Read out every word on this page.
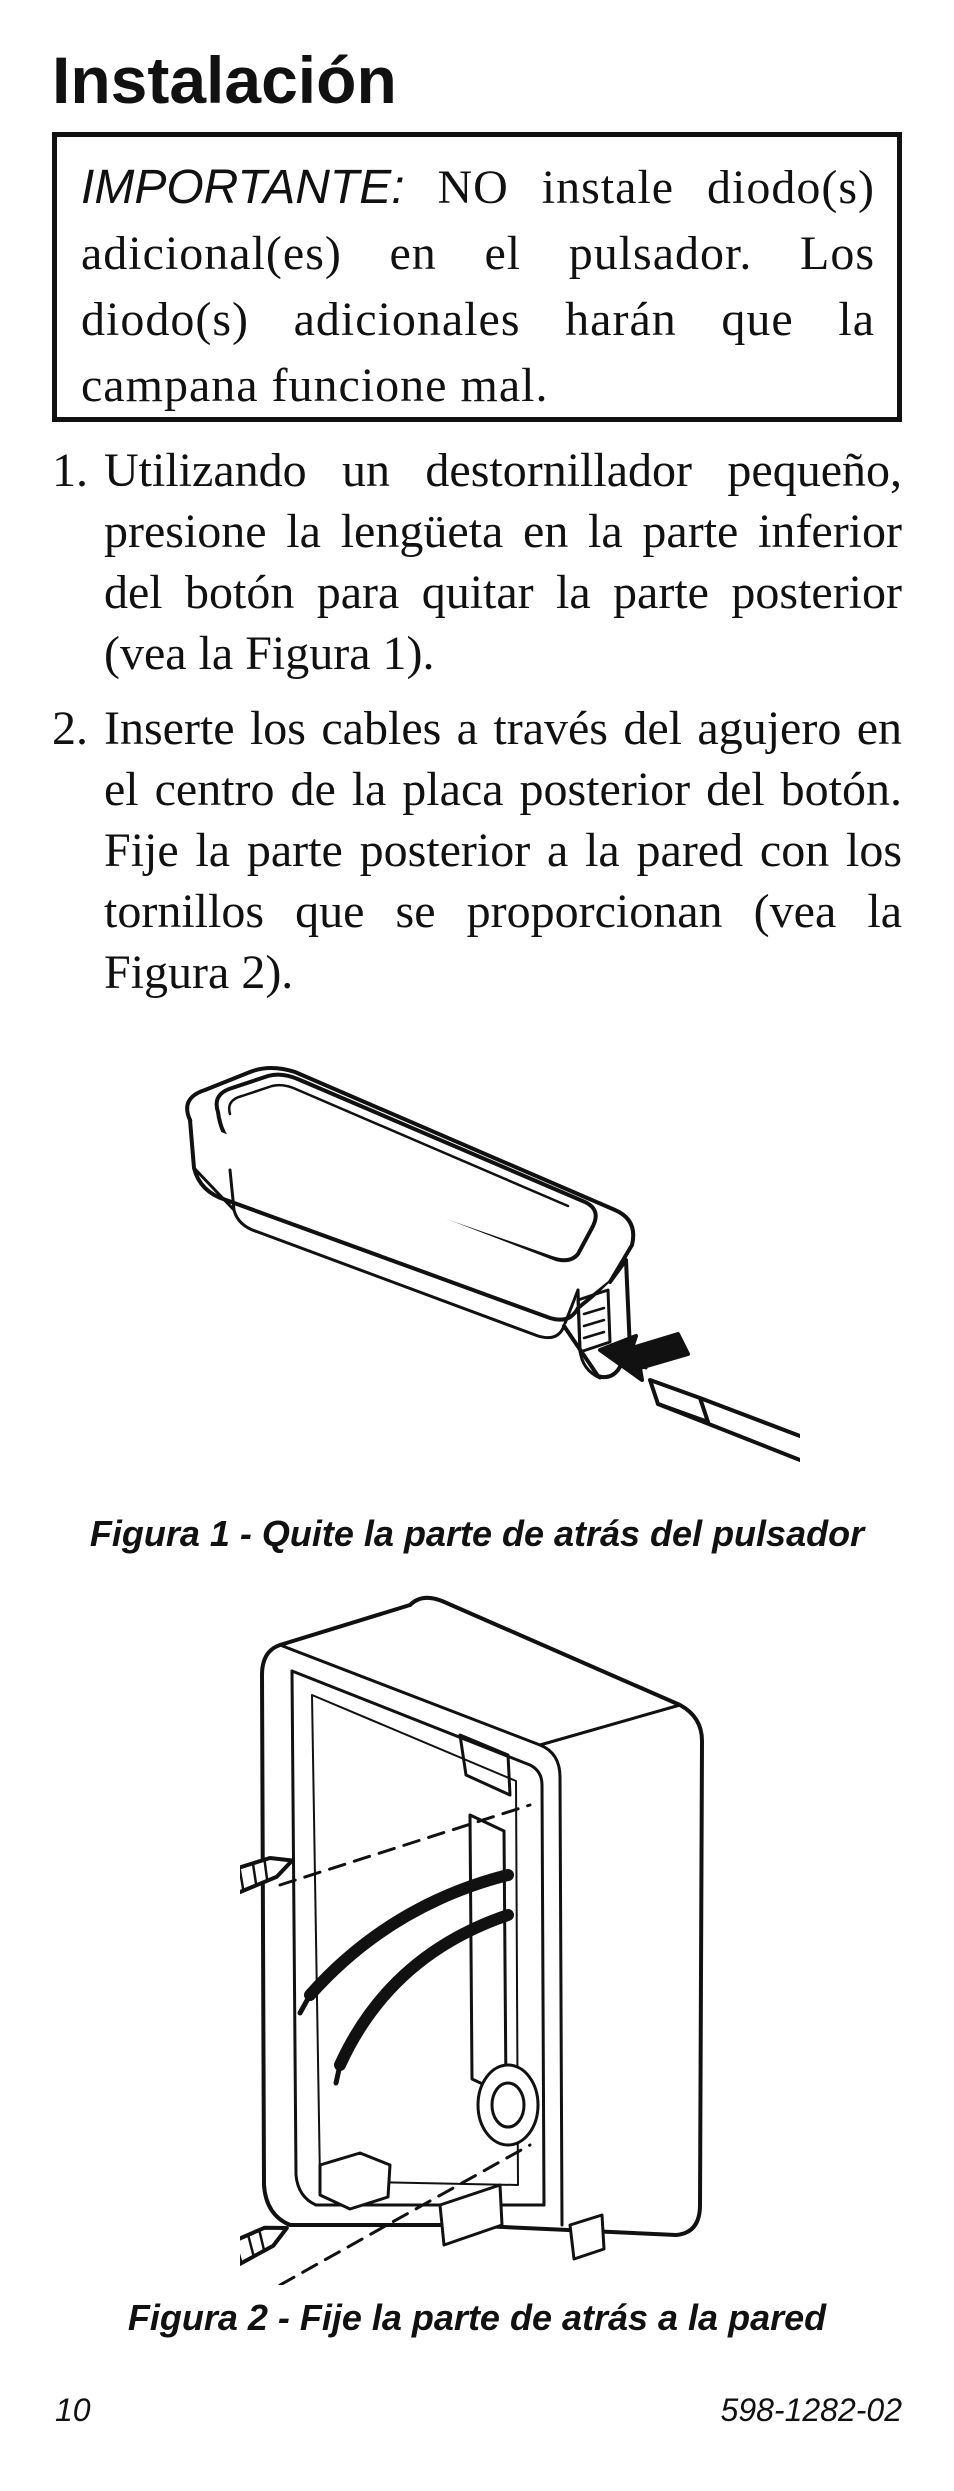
Instalación
IMPORTANTE: NO instale diodo(s) adicional(es) en el pulsador. Los diodo(s) adicionales harán que la campana funcione mal.
1. Utilizando un destornillador pequeño, presione la lengüeta en la parte inferior del botón para quitar la parte posterior (vea la Figura 1).
2. Inserte los cables a través del agujero en el centro de la placa posterior del botón. Fije la parte posterior a la pared con los tornillos que se proporcionan (vea la Figura 2).

Figura 1 - Quite la parte de atrás del pulsador

Figura 2 - Fije la parte de atrás a la pared

10	598-1282-02
